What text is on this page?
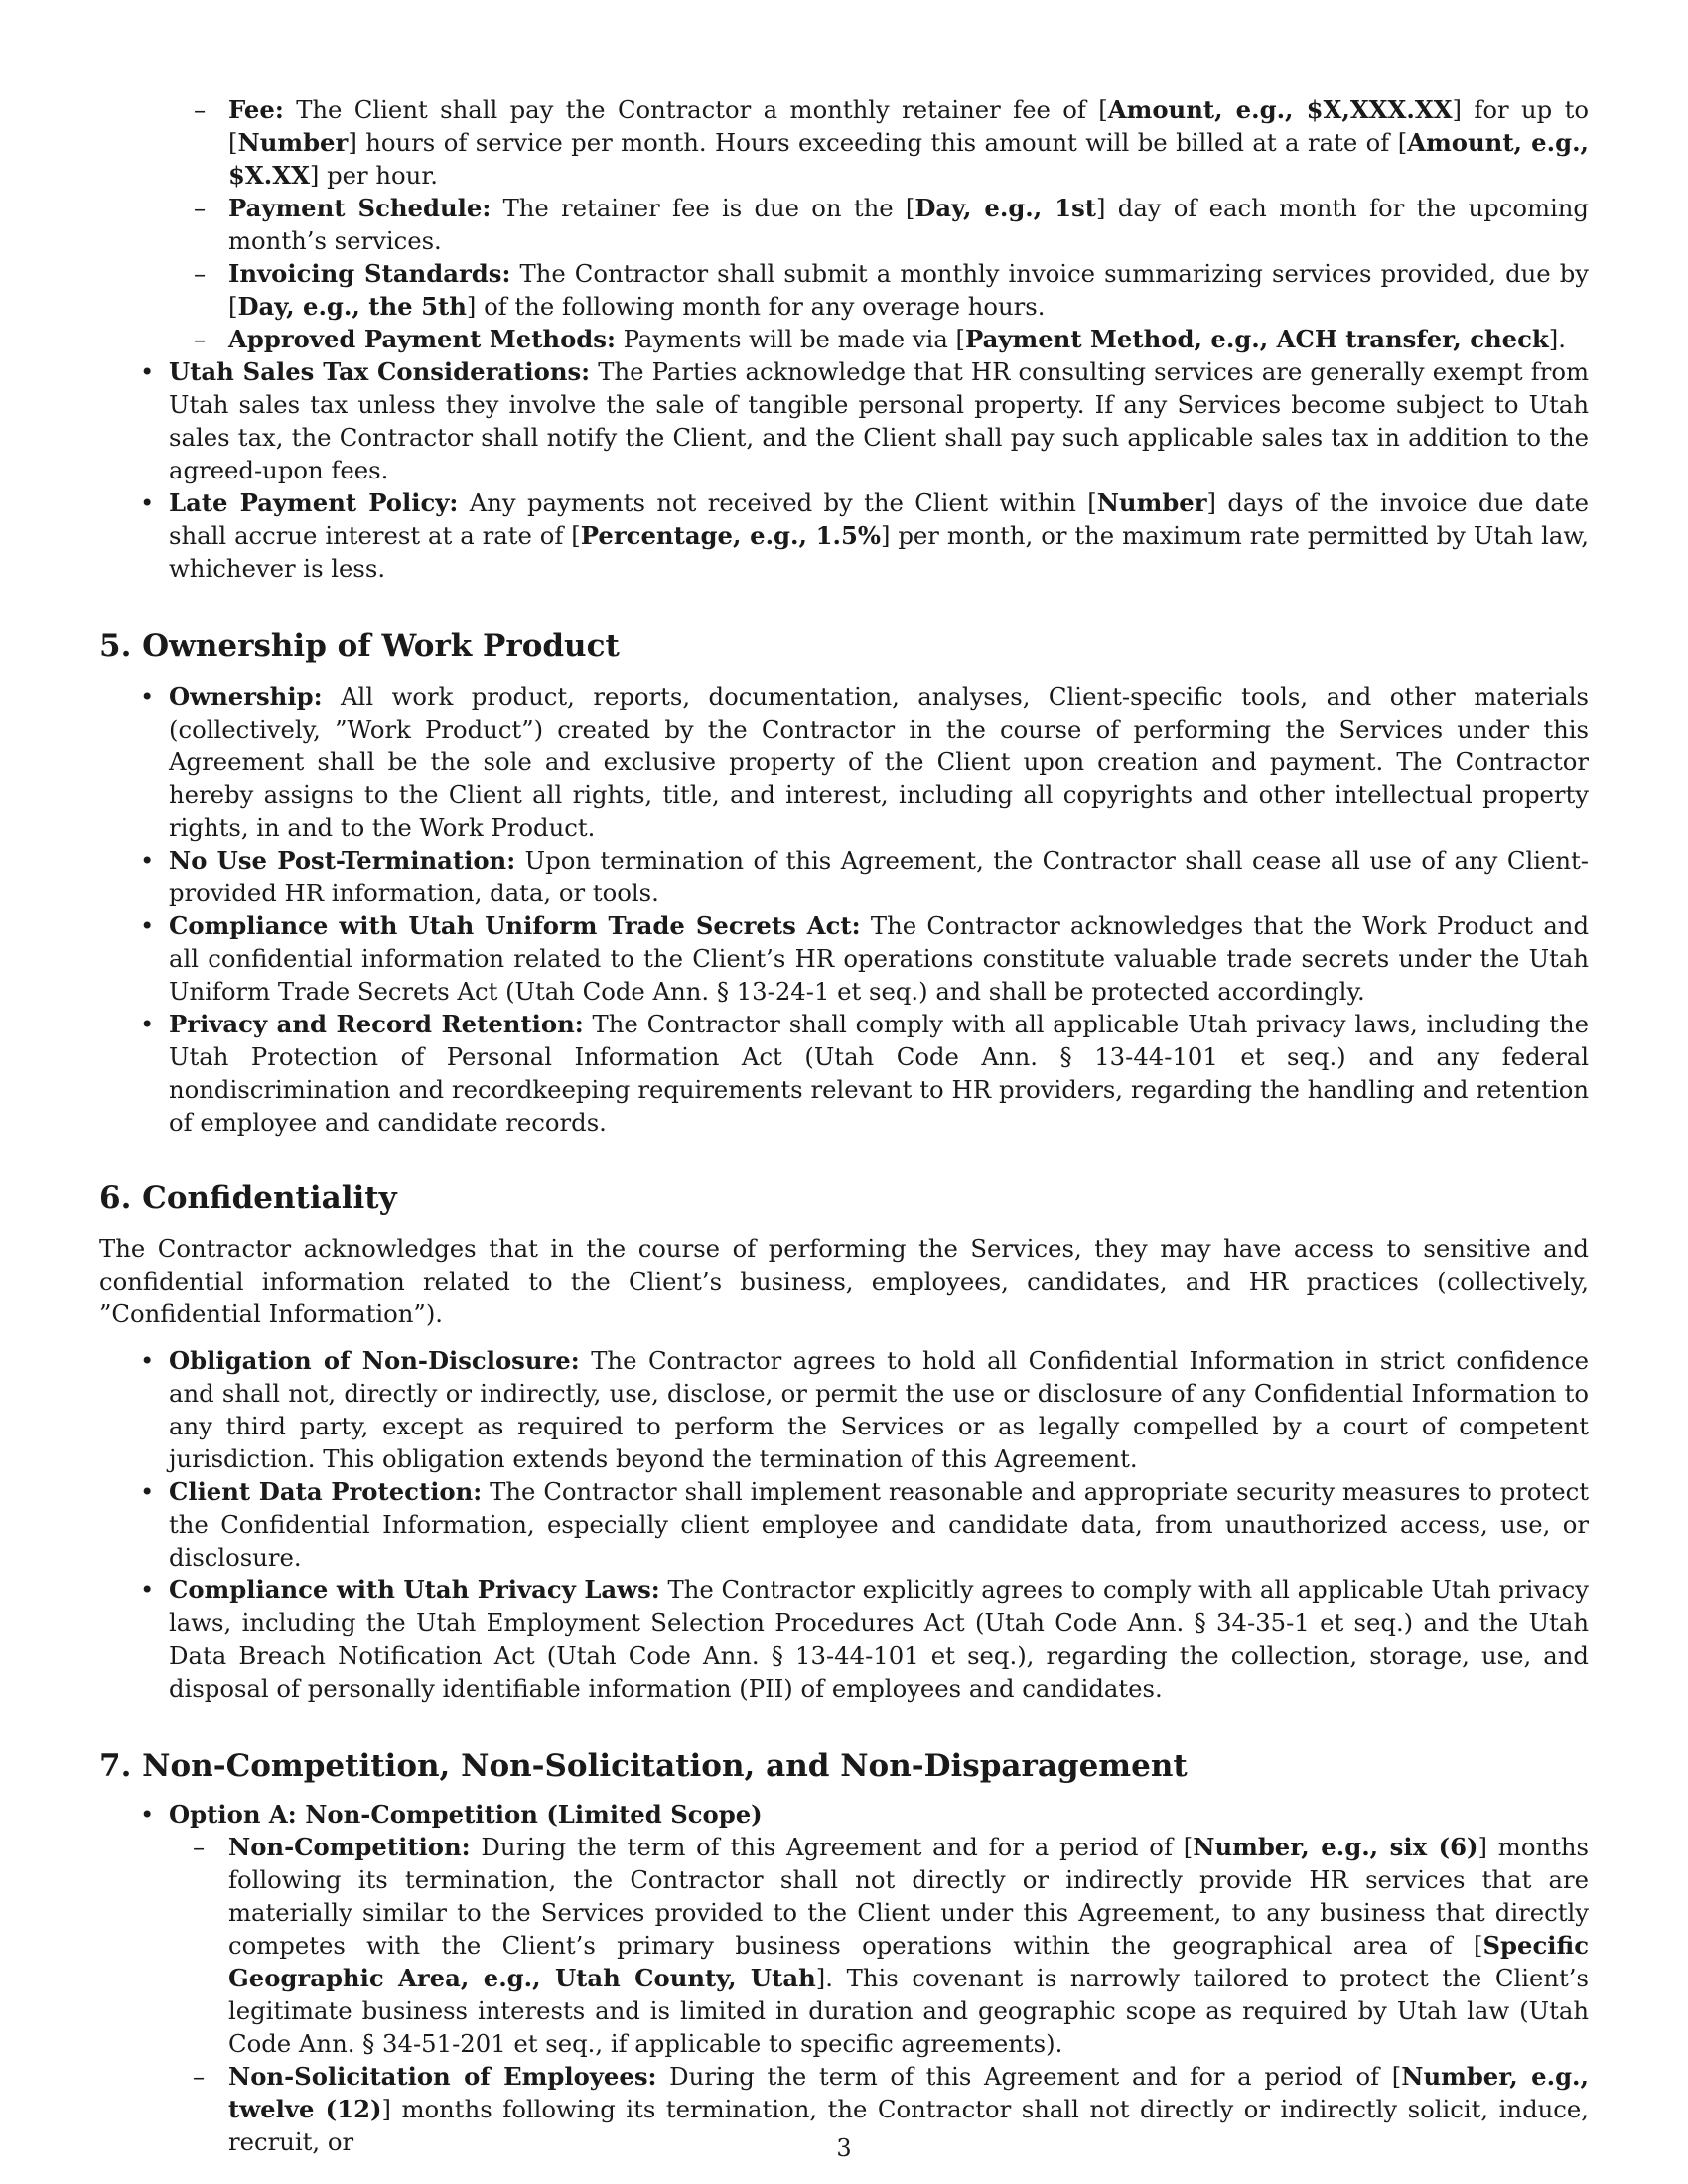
– Fee: The Client shall pay the Contractor a monthly retainer fee of [Amount, e.g., $X,XXX.XX] for up to [Number] hours of service per month. Hours exceeding this amount will be billed at a rate of [Amount, e.g., $X.XX] per hour.
– Payment Schedule: The retainer fee is due on the [Day, e.g., 1st] day of each month for the upcoming month’s services.
– Invoicing Standards: The Contractor shall submit a monthly invoice summarizing services provided, due by [Day, e.g., the 5th] of the following month for any overage hours.
– Approved Payment Methods: Payments will be made via [Payment Method, e.g., ACH transfer, check].
• Utah Sales Tax Considerations: The Parties acknowledge that HR consulting services are generally exempt from Utah sales tax unless they involve the sale of tangible personal property. If any Services become subject to Utah sales tax, the Contractor shall notify the Client, and the Client shall pay such applicable sales tax in addition to the agreed-upon fees.
• Late Payment Policy: Any payments not received by the Client within [Number] days of the invoice due date shall accrue interest at a rate of [Percentage, e.g., 1.5%] per month, or the maximum rate permitted by Utah law, whichever is less.
5. Ownership of Work Product
• Ownership: All work product, reports, documentation, analyses, Client-specific tools, and other materials (collectively, ”Work Product”) created by the Contractor in the course of performing the Services under this Agreement shall be the sole and exclusive property of the Client upon creation and payment. The Contractor hereby assigns to the Client all rights, title, and interest, including all copyrights and other intellectual property rights, in and to the Work Product.
• No Use Post-Termination: Upon termination of this Agreement, the Contractor shall cease all use of any Client-provided HR information, data, or tools.
• Compliance with Utah Uniform Trade Secrets Act: The Contractor acknowledges that the Work Product and all confidential information related to the Client’s HR operations constitute valuable trade secrets under the Utah Uniform Trade Secrets Act (Utah Code Ann. § 13-24-1 et seq.) and shall be protected accordingly.
• Privacy and Record Retention: The Contractor shall comply with all applicable Utah privacy laws, including the Utah Protection of Personal Information Act (Utah Code Ann. § 13-44-101 et seq.) and any federal nondiscrimination and recordkeeping requirements relevant to HR providers, regarding the handling and retention of employee and candidate records.
6. Confidentiality

The Contractor acknowledges that in the course of performing the Services, they may have access to sensitive and confidential information related to the Client’s business, employees, candidates, and HR practices (collectively, ”Confidential Information”).

• Obligation of Non-Disclosure: The Contractor agrees to hold all Confidential Information in strict confidence and shall not, directly or indirectly, use, disclose, or permit the use or disclosure of any Confidential Information to any third party, except as required to perform the Services or as legally compelled by a court of competent jurisdiction. This obligation extends beyond the termination of this Agreement.
• Client Data Protection: The Contractor shall implement reasonable and appropriate security measures to protect the Confidential Information, especially client employee and candidate data, from unauthorized access, use, or disclosure.
• Compliance with Utah Privacy Laws: The Contractor explicitly agrees to comply with all applicable Utah privacy laws, including the Utah Employment Selection Procedures Act (Utah Code Ann. § 34-35-1 et seq.) and the Utah Data Breach Notification Act (Utah Code Ann. § 13-44-101 et seq.), regarding the collection, storage, use, and disposal of personally identifiable information (PII) of employees and candidates.
7. Non-Competition, Non-Solicitation, and Non-Disparagement
• Option A: Non-Competition (Limited Scope)
– Non-Competition: During the term of this Agreement and for a period of [Number, e.g., six (6)] months following its termination, the Contractor shall not directly or indirectly provide HR services that are materially similar to the Services provided to the Client under this Agreement, to any business that directly competes with the Client’s primary business operations within the geographical area of [Specific Geographic Area, e.g., Utah County, Utah]. This covenant is narrowly tailored to protect the Client’s legitimate business interests and is limited in duration and geographic scope as required by Utah law (Utah Code Ann. § 34-51-201 et seq., if applicable to specific agreements).
– Non-Solicitation of Employees: During the term of this Agreement and for a period of [Number, e.g., twelve (12)] months following its termination, the Contractor shall not directly or indirectly solicit, induce, recruit, or	3
